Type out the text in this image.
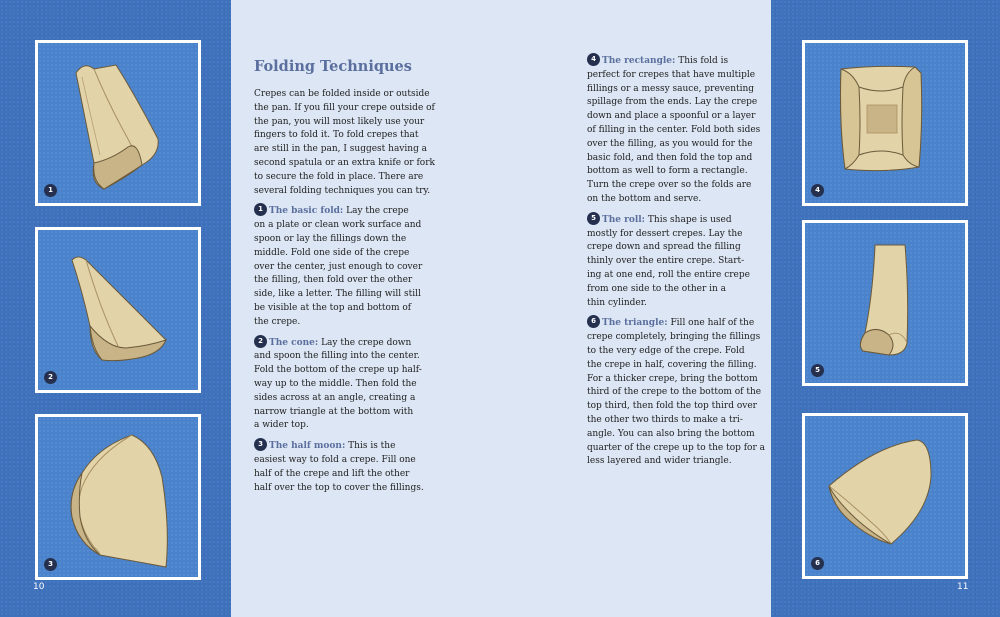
1
2
3
10
Folding Techniques
Crepes can be folded inside or outside
the pan. If you fill your crepe outside of
the pan, you will most likely use your
fingers to fold it. To fold crepes that
are still in the pan, I suggest having a
second spatula or an extra knife or fork
to secure the fold in place. There are
several folding techniques you can try.
1 The basic fold: Lay the crepe
on a plate or clean work surface and
spoon or lay the fillings down the
middle. Fold one side of the crepe
over the center, just enough to cover
the filling, then fold over the other
side, like a letter. The filling will still
be visible at the top and bottom of
the crepe.
2 The cone: Lay the crepe down
and spoon the filling into the center.
Fold the bottom of the crepe up half-
way up to the middle. Then fold the
sides across at an angle, creating a
narrow triangle at the bottom with
a wider top.
3 The half moon: This is the
easiest way to fold a crepe. Fill one
half of the crepe and lift the other
half over the top to cover the fillings.
4 The rectangle: This fold is
perfect for crepes that have multiple
fillings or a messy sauce, preventing
spillage from the ends. Lay the crepe
down and place a spoonful or a layer
of filling in the center. Fold both sides
over the filling, as you would for the
basic fold, and then fold the top and
bottom as well to form a rectangle.
Turn the crepe over so the folds are
on the bottom and serve.
5 The roll: This shape is used
mostly for dessert crepes. Lay the
crepe down and spread the filling
thinly over the entire crepe. Start-
ing at one end, roll the entire crepe
from one side to the other in a
thin cylinder.
6 The triangle: Fill one half of the
crepe completely, bringing the fillings
to the very edge of the crepe. Fold
the crepe in half, covering the filling.
For a thicker crepe, bring the bottom
third of the crepe to the bottom of the
top third, then fold the top third over
the other two thirds to make a tri-
angle. You can also bring the bottom
quarter of the crepe up to the top for a
less layered and wider triangle.
4
5
6
11
